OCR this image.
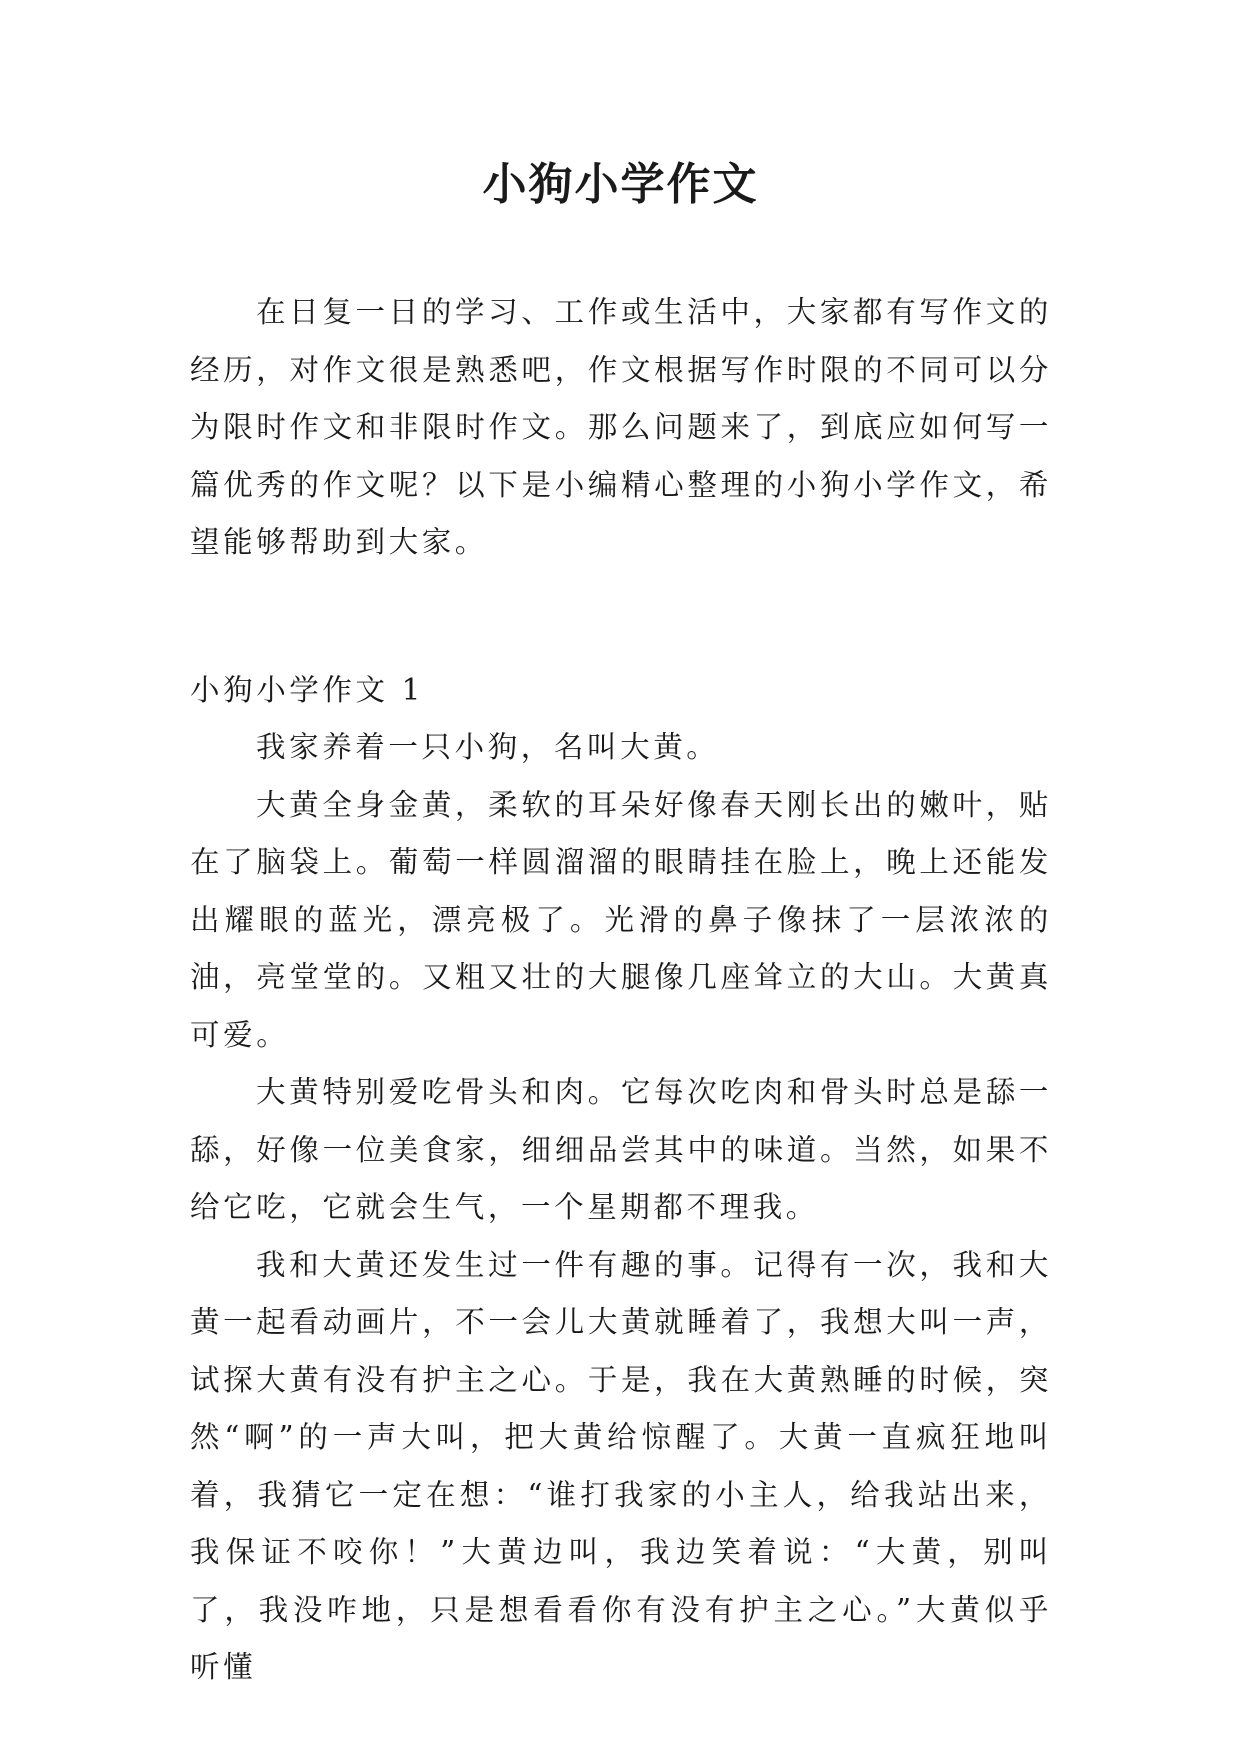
小狗小学作文

在日复一日的学习、工作或生活中，大家都有写作文的经历，对作文很是熟悉吧，作文根据写作时限的不同可以分为限时作文和非限时作文。那么问题来了，到底应如何写一篇优秀的作文呢？以下是小编精心整理的小狗小学作文，希望能够帮助到大家。

小狗小学作文 1

我家养着一只小狗，名叫大黄。

大黄全身金黄，柔软的耳朵好像春天刚长出的嫩叶，贴在了脑袋上。葡萄一样圆溜溜的眼睛挂在脸上，晚上还能发出耀眼的蓝光，漂亮极了。光滑的鼻子像抹了一层浓浓的油，亮堂堂的。又粗又壮的大腿像几座耸立的大山。大黄真可爱。

大黄特别爱吃骨头和肉。它每次吃肉和骨头时总是舔一舔，好像一位美食家，细细品尝其中的味道。当然，如果不给它吃，它就会生气，一个星期都不理我。

我和大黄还发生过一件有趣的事。记得有一次，我和大黄一起看动画片，不一会儿大黄就睡着了，我想大叫一声，试探大黄有没有护主之心。于是，我在大黄熟睡的时候，突然“啊”的一声大叫，把大黄给惊醒了。大黄一直疯狂地叫着，我猜它一定在想：“谁打我家的小主人，给我站出来，我保证不咬你！”大黄边叫，我边笑着说：“大黄，别叫了，我没咋地，只是想看看你有没有护主之心。”大黄似乎听懂
